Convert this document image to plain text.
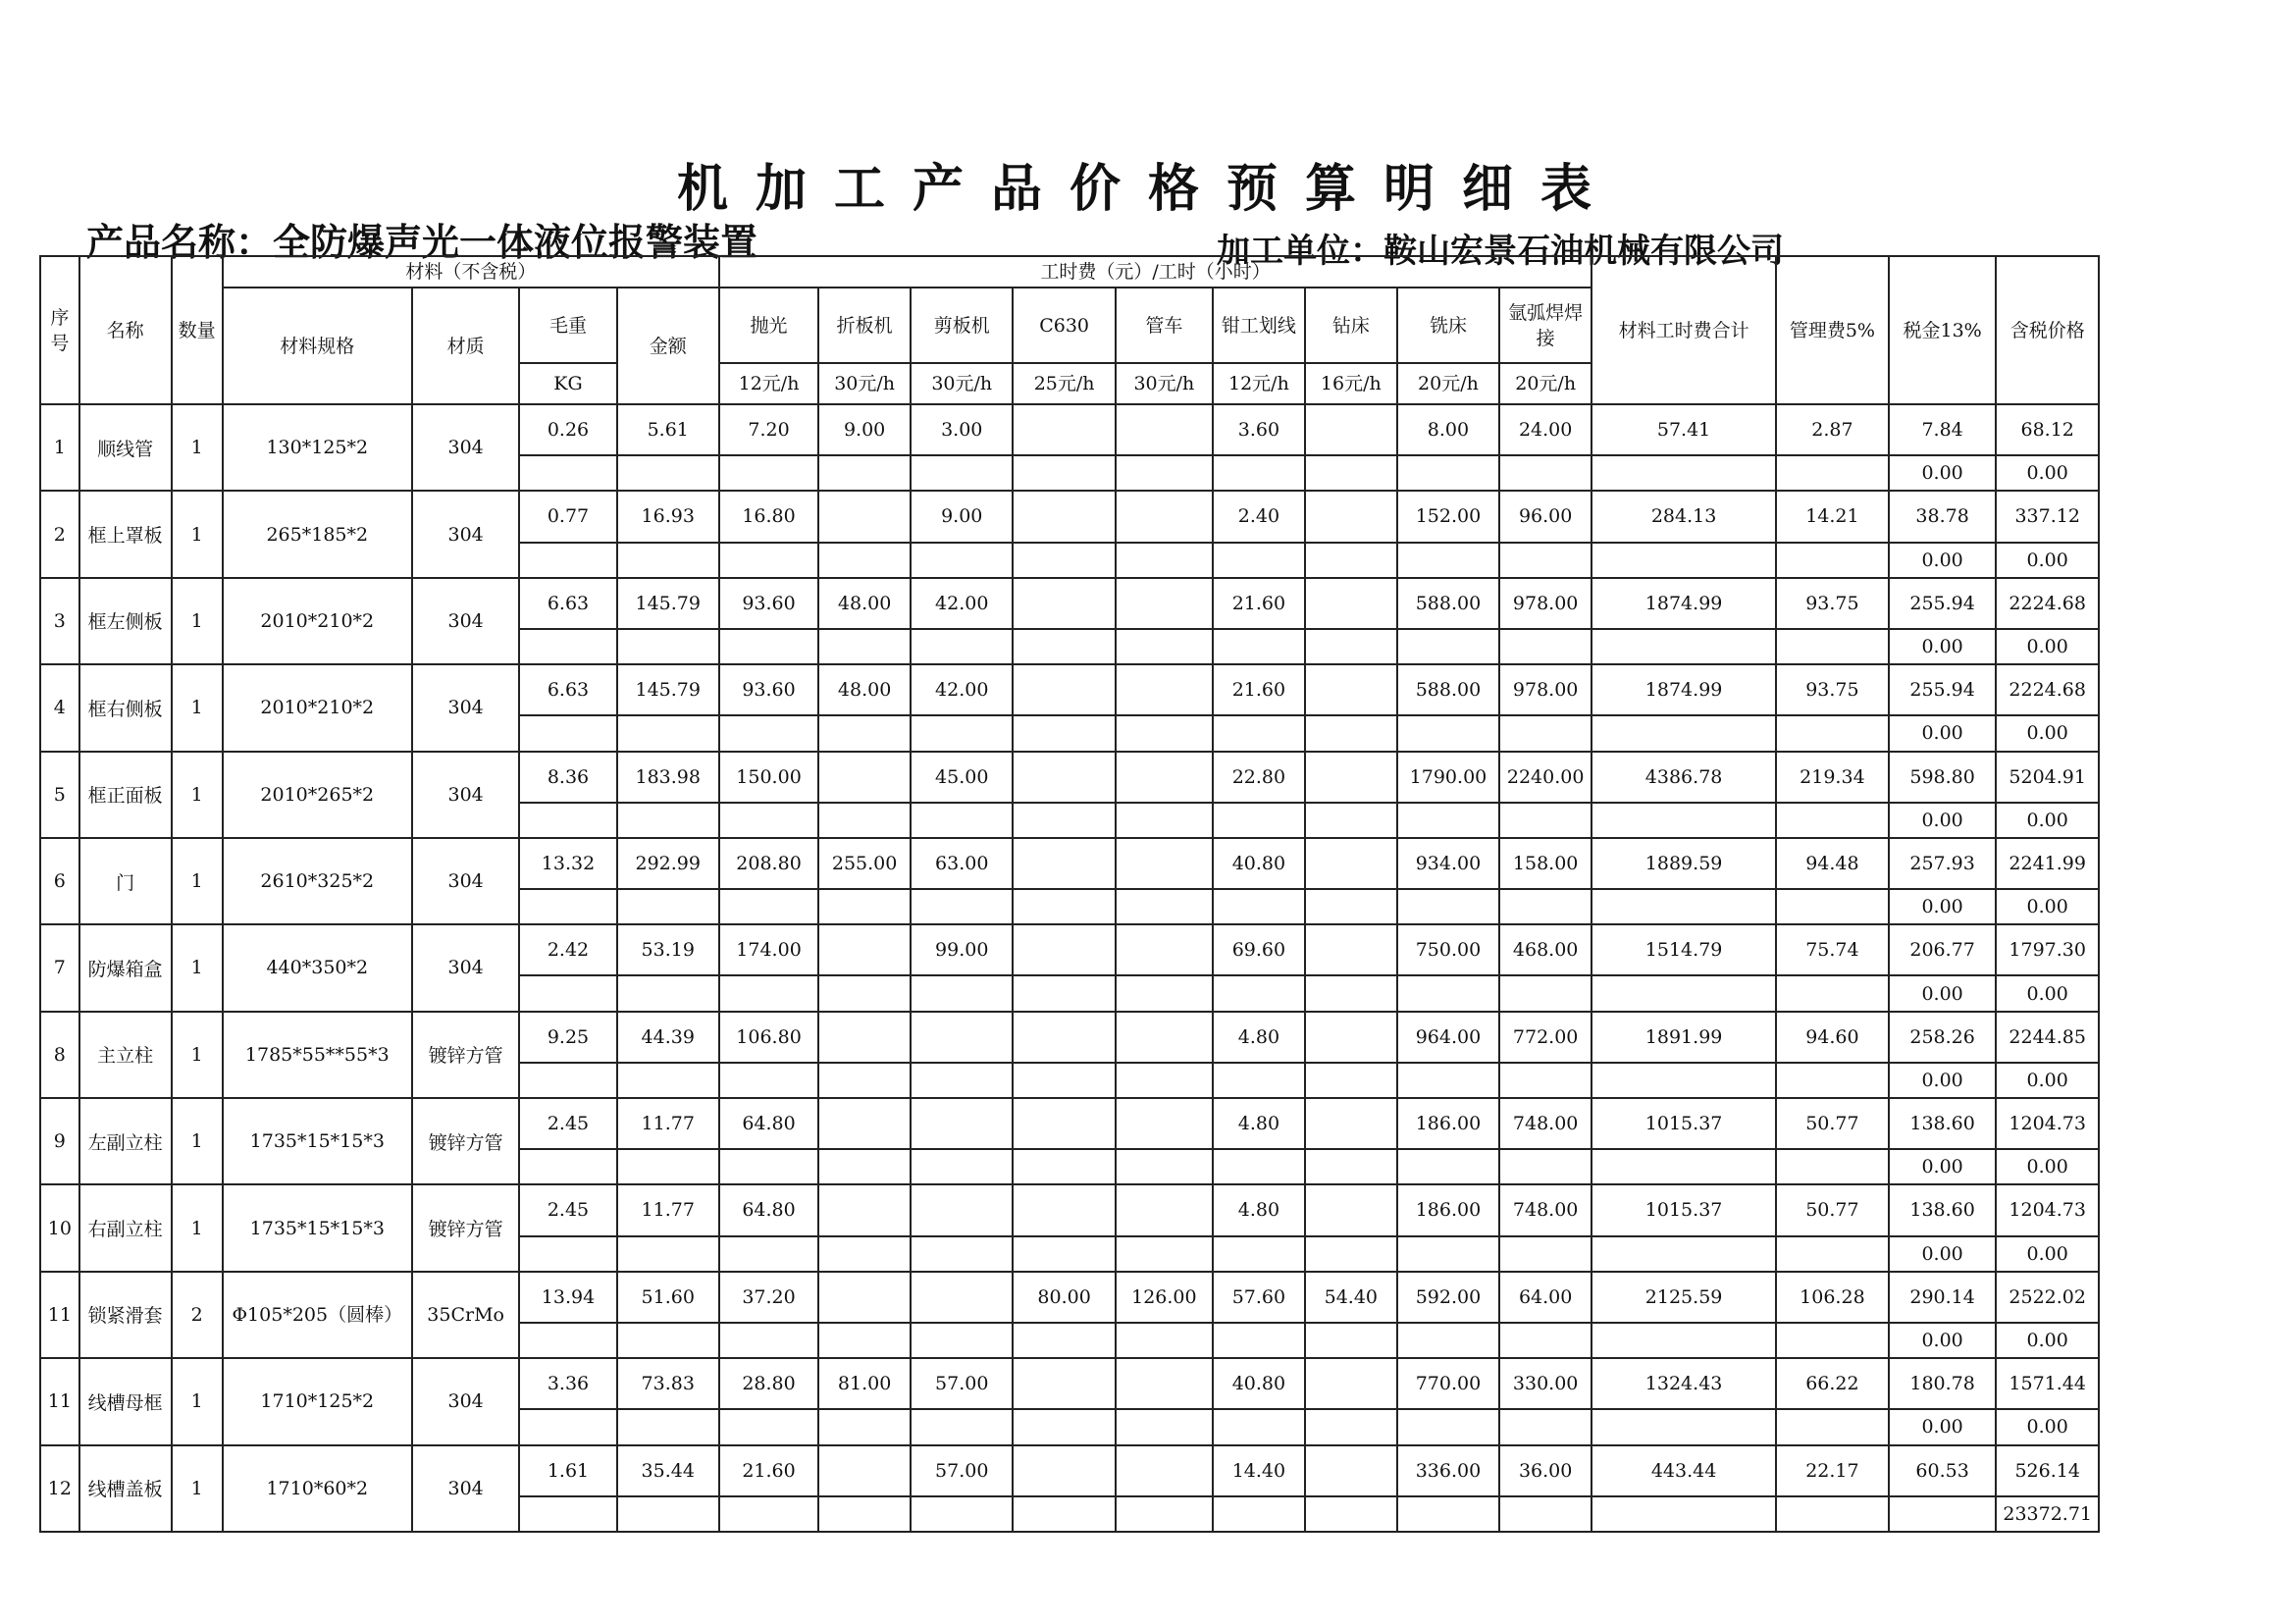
机加工产品价格预算明细表
产品名称：全防爆声光一体液位报警装置	加工单位：鞍山宏景石油机械有限公司
序号	名称	数量	材料（不含税）				工时费（元）/工时（小时）									材料工时费合计	管理费5%	税金13%	含税价格
			材料规格	材质	毛重	金额	抛光	折板机	剪板机	C630	管车	钳工划线	钻床	铣床	氩弧焊焊接				
					KG		12元/h	30元/h	30元/h	25元/h	30元/h	12元/h	16元/h	20元/h	20元/h				
1	顺线管	1	130*125*2	304	0.26	5.61	7.20	9.00	3.00			3.60		8.00	24.00	57.41	2.87	7.84	68.12
																		0.00	0.00
2	框上罩板	1	265*185*2	304	0.77	16.93	16.80		9.00			2.40		152.00	96.00	284.13	14.21	38.78	337.12
																		0.00	0.00
3	框左侧板	1	2010*210*2	304	6.63	145.79	93.60	48.00	42.00			21.60		588.00	978.00	1874.99	93.75	255.94	2224.68
																		0.00	0.00
4	框右侧板	1	2010*210*2	304	6.63	145.79	93.60	48.00	42.00			21.60		588.00	978.00	1874.99	93.75	255.94	2224.68
																		0.00	0.00
5	框正面板	1	2010*265*2	304	8.36	183.98	150.00		45.00			22.80		1790.00	2240.00	4386.78	219.34	598.80	5204.91
																		0.00	0.00
6	门	1	2610*325*2	304	13.32	292.99	208.80	255.00	63.00			40.80		934.00	158.00	1889.59	94.48	257.93	2241.99
																		0.00	0.00
7	防爆箱盒	1	440*350*2	304	2.42	53.19	174.00		99.00			69.60		750.00	468.00	1514.79	75.74	206.77	1797.30
																		0.00	0.00
8	主立柱	1	1785*55**55*3	镀锌方管	9.25	44.39	106.80					4.80		964.00	772.00	1891.99	94.60	258.26	2244.85
																		0.00	0.00
9	左副立柱	1	1735*15*15*3	镀锌方管	2.45	11.77	64.80					4.80		186.00	748.00	1015.37	50.77	138.60	1204.73
																		0.00	0.00
10	右副立柱	1	1735*15*15*3	镀锌方管	2.45	11.77	64.80					4.80		186.00	748.00	1015.37	50.77	138.60	1204.73
																		0.00	0.00
11	锁紧滑套	2	Φ105*205（圆棒）	35CrMo	13.94	51.60	37.20			80.00	126.00	57.60	54.40	592.00	64.00	2125.59	106.28	290.14	2522.02
																		0.00	0.00
11	线槽母框	1	1710*125*2	304	3.36	73.83	28.80	81.00	57.00			40.80		770.00	330.00	1324.43	66.22	180.78	1571.44
																		0.00	0.00
12	线槽盖板	1	1710*60*2	304	1.61	35.44	21.60		57.00			14.40		336.00	36.00	443.44	22.17	60.53	526.14
																			23372.71
